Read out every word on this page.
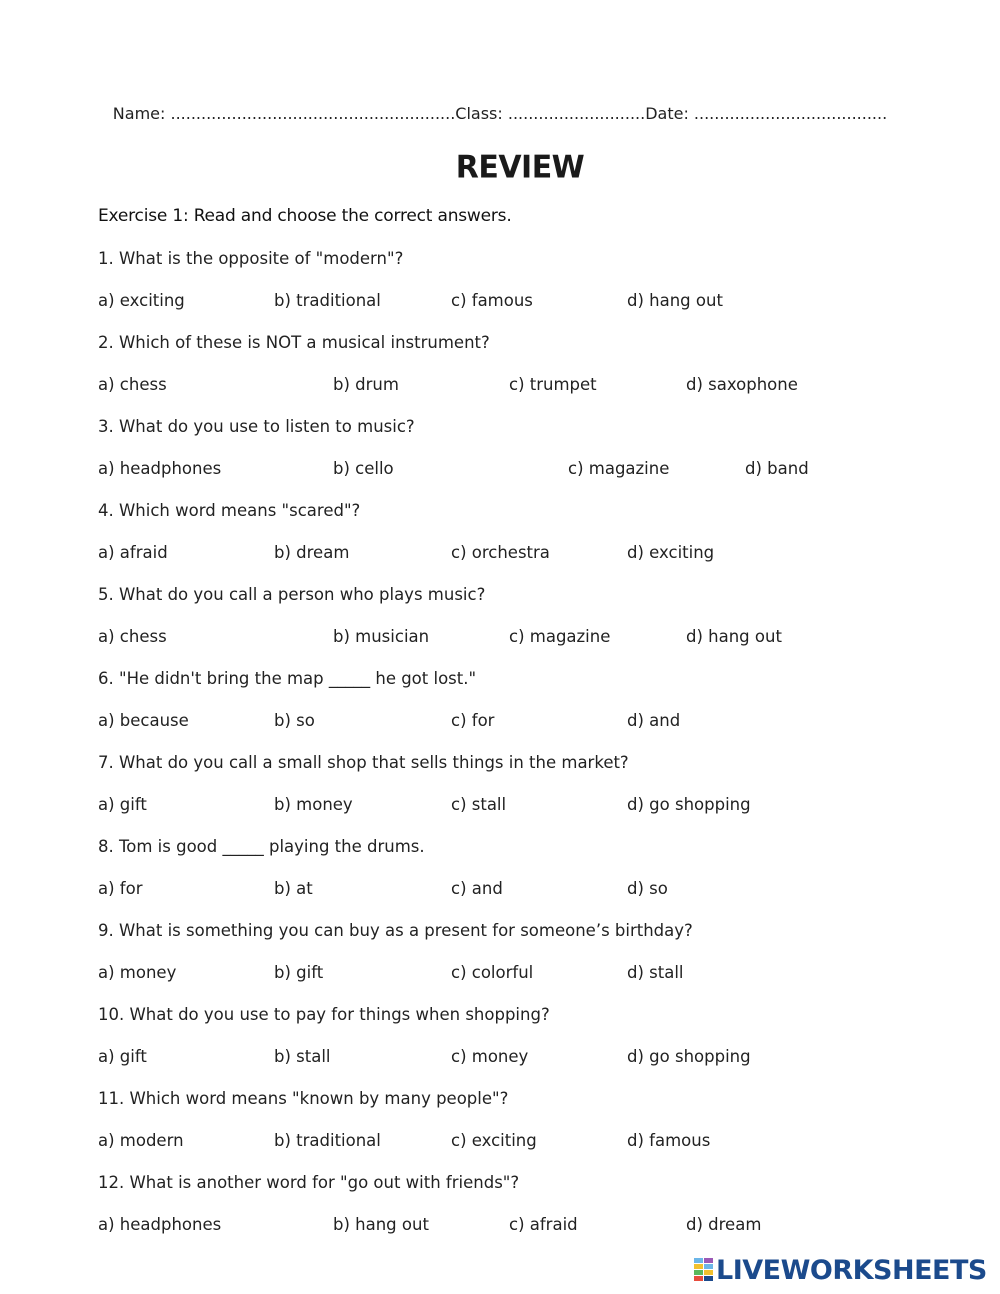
Name: ........................................................Class: ...........................Date: ......................................
REVIEW
Exercise 1: Read and choose the correct answers.
1. What is the opposite of "modern"?
a) exciting	b) traditional	c) famous	d) hang out
2. Which of these is NOT a musical instrument?
a) chess	b) drum	c) trumpet	d) saxophone
3. What do you use to listen to music?
a) headphones	b) cello	c) magazine	d) band
4. Which word means "scared"?
a) afraid	b) dream	c) orchestra	d) exciting
5. What do you call a person who plays music?
a) chess	b) musician	c) magazine	d) hang out
6. "He didn't bring the map _____ he got lost."
a) because	b) so	c) for	d) and
7. What do you call a small shop that sells things in the market?
a) gift	b) money	c) stall	d) go shopping
8. Tom is good _____ playing the drums.
a) for	b) at	c) and	d) so
9. What is something you can buy as a present for someone’s birthday?
a) money	b) gift	c) colorful	d) stall
10. What do you use to pay for things when shopping?
a) gift	b) stall	c) money	d) go shopping
11. Which word means "known by many people"?
a) modern	b) traditional	c) exciting	d) famous
12. What is another word for "go out with friends"?
a) headphones	b) hang out	c) afraid	d) dream
LIVEWORKSHEETS
